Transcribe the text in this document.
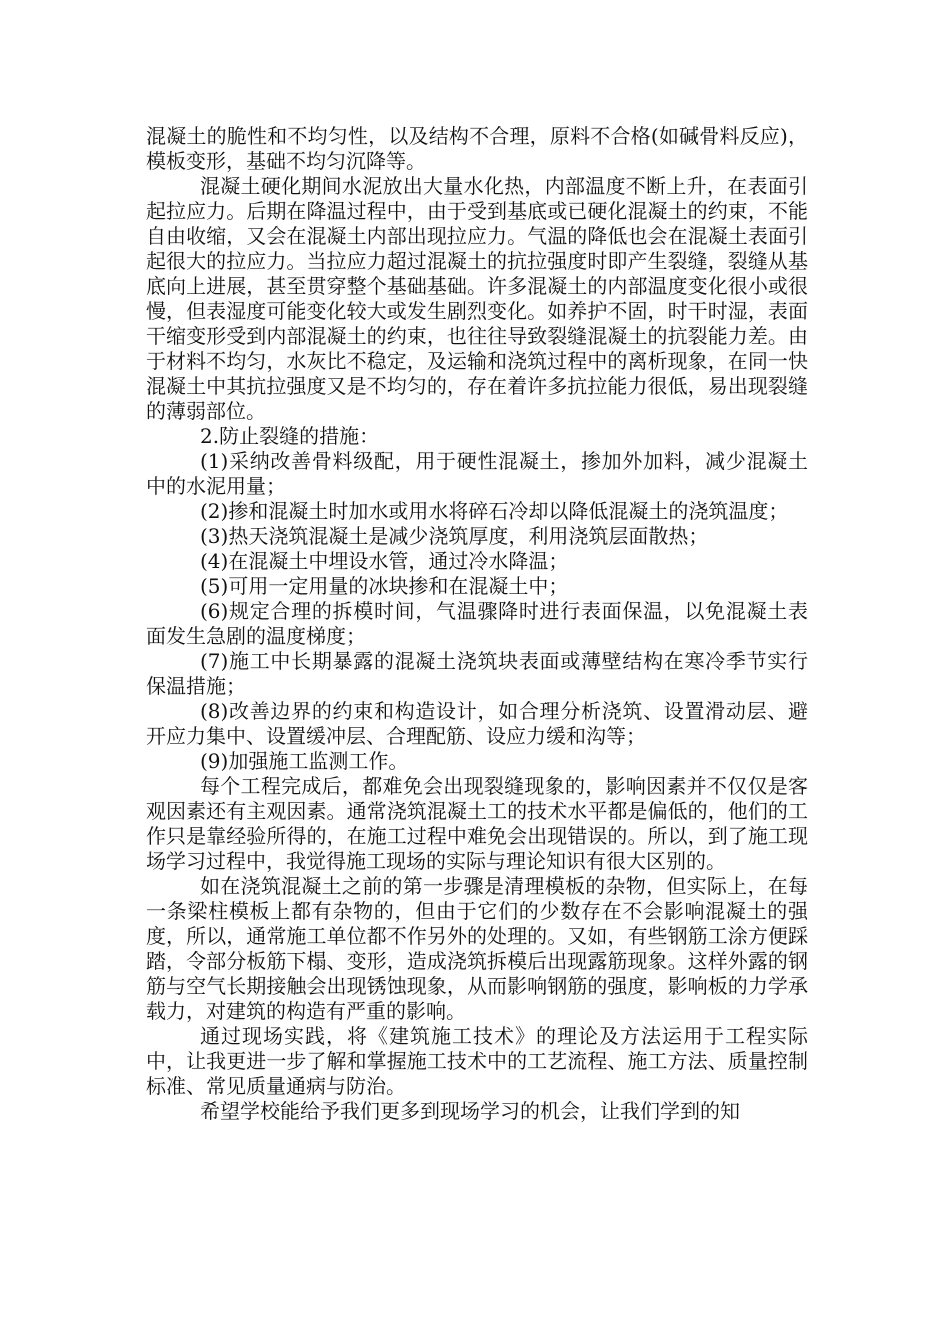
混凝土的脆性和不均匀性，以及结构不合理，原料不合格(如碱骨料反应)，模板变形，基础不均匀沉降等。

混凝土硬化期间水泥放出大量水化热，内部温度不断上升，在表面引起拉应力。后期在降温过程中，由于受到基底或已硬化混凝土的约束，不能自由收缩，又会在混凝土内部出现拉应力。气温的降低也会在混凝土表面引起很大的拉应力。当拉应力超过混凝土的抗拉强度时即产生裂缝，裂缝从基底向上进展，甚至贯穿整个基础基础。许多混凝土的内部温度变化很小或很慢，但表湿度可能变化较大或发生剧烈变化。如养护不固，时干时湿，表面干缩变形受到内部混凝土的约束，也往往导致裂缝混凝土的抗裂能力差。由于材料不均匀，水灰比不稳定，及运输和浇筑过程中的离析现象，在同一快混凝土中其抗拉强度又是不均匀的，存在着许多抗拉能力很低，易出现裂缝的薄弱部位。

2.防止裂缝的措施：

(1)采纳改善骨料级配，用于硬性混凝土，掺加外加料，减少混凝土中的水泥用量；

(2)掺和混凝土时加水或用水将碎石冷却以降低混凝土的浇筑温度；

(3)热天浇筑混凝土是减少浇筑厚度，利用浇筑层面散热；

(4)在混凝土中埋设水管，通过冷水降温；

(5)可用一定用量的冰块掺和在混凝土中；

(6)规定合理的拆模时间，气温骤降时进行表面保温，以免混凝土表面发生急剧的温度梯度；

(7)施工中长期暴露的混凝土浇筑块表面或薄壁结构在寒冷季节实行保温措施；

(8)改善边界的约束和构造设计，如合理分析浇筑、设置滑动层、避开应力集中、设置缓冲层、合理配筋、设应力缓和沟等；

(9)加强施工监测工作。

每个工程完成后，都难免会出现裂缝现象的，影响因素并不仅仅是客观因素还有主观因素。通常浇筑混凝土工的技术水平都是偏低的，他们的工作只是靠经验所得的，在施工过程中难免会出现错误的。所以，到了施工现场学习过程中，我觉得施工现场的实际与理论知识有很大区别的。

如在浇筑混凝土之前的第一步骤是清理模板的杂物，但实际上，在每一条梁柱模板上都有杂物的，但由于它们的少数存在不会影响混凝土的强度，所以，通常施工单位都不作另外的处理的。又如，有些钢筋工涂方便踩踏，令部分板筋下榻、变形，造成浇筑拆模后出现露筋现象。这样外露的钢筋与空气长期接触会出现锈蚀现象，从而影响钢筋的强度，影响板的力学承载力，对建筑的构造有严重的影响。

通过现场实践，将《建筑施工技术》的理论及方法运用于工程实际中，让我更进一步了解和掌握施工技术中的工艺流程、施工方法、质量控制标准、常见质量通病与防治。

希望学校能给予我们更多到现场学习的机会，让我们学到的知
